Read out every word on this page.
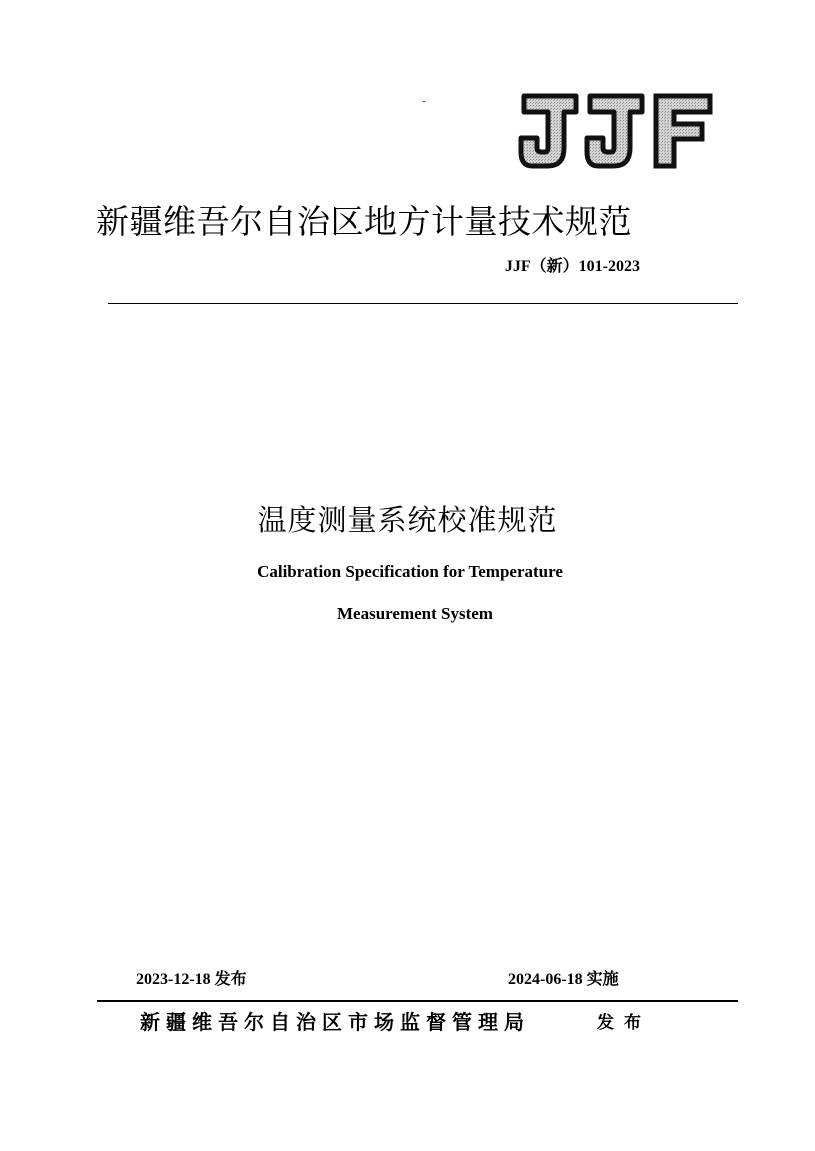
新疆维吾尔自治区地方计量技术规范
JJF（新）101-2023
温度测量系统校准规范
Calibration Specification for Temperature
Measurement System
2023-12-18 发布	2024-06-18 实施
新疆维吾尔自治区市场监督管理局	发布
